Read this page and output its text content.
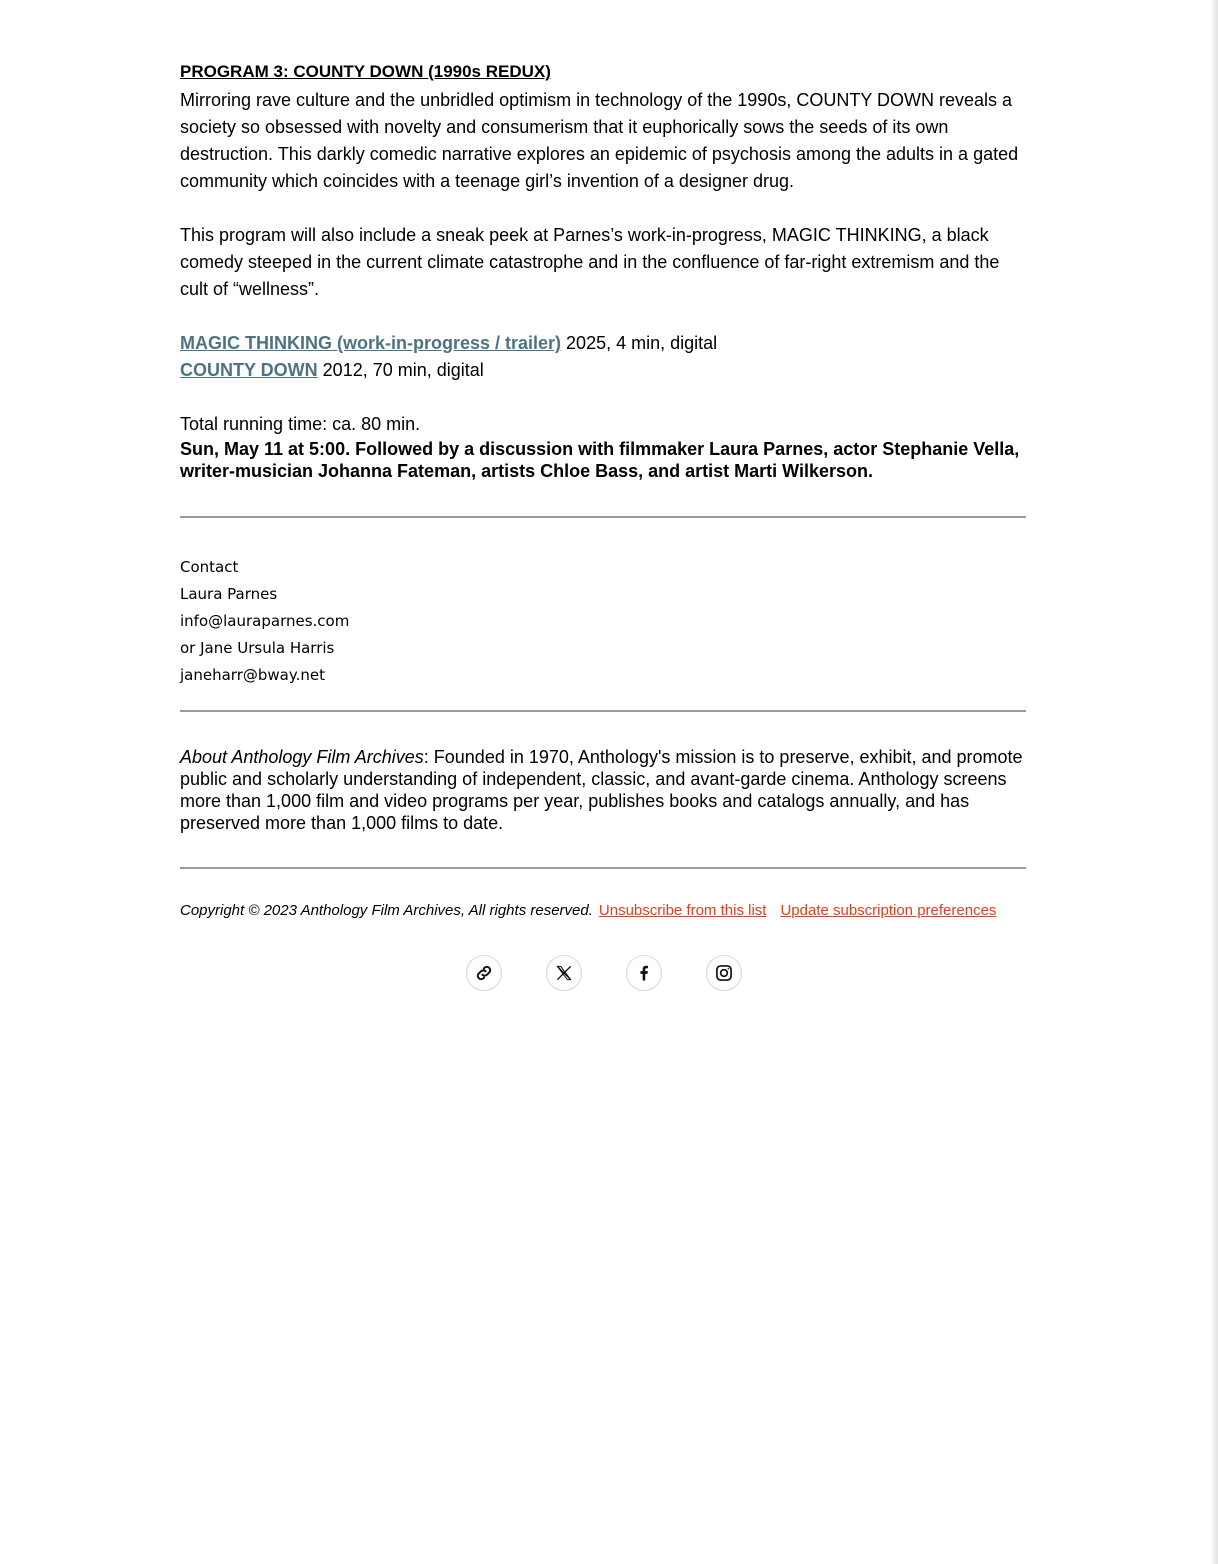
PROGRAM 3: COUNTY DOWN (1990s REDUX)

Mirroring rave culture and the unbridled optimism in technology of the 1990s, COUNTY DOWN reveals a society so obsessed with novelty and consumerism that it euphorically sows the seeds of its own destruction. This darkly comedic narrative explores an epidemic of psychosis among the adults in a gated community which coincides with a teenage girl’s invention of a designer drug.

This program will also include a sneak peek at Parnes’s work-in-progress, MAGIC THINKING, a black comedy steeped in the current climate catastrophe and in the confluence of far-right extremism and the cult of “wellness”.

MAGIC THINKING (work-in-progress / trailer) 2025, 4 min, digital

COUNTY DOWN 2012, 70 min, digital

Total running time: ca. 80 min.

Sun, May 11 at 5:00. Followed by a discussion with filmmaker Laura Parnes, actor Stephanie Vella, writer-musician Johanna Fateman, artists Chloe Bass, and artist Marti Wilkerson.

Contact
Laura Parnes
info@lauraparnes.com
or Jane Ursula Harris
janeharr@bway.net

About Anthology Film Archives: Founded in 1970, Anthology's mission is to preserve, exhibit, and promote public and scholarly understanding of independent, classic, and avant-garde cinema. Anthology screens more than 1,000 film and video programs per year, publishes books and catalogs annually, and has preserved more than 1,000 films to date.

Copyright © 2023 Anthology Film Archives, All rights reserved. Unsubscribe from this list Update subscription preferences
